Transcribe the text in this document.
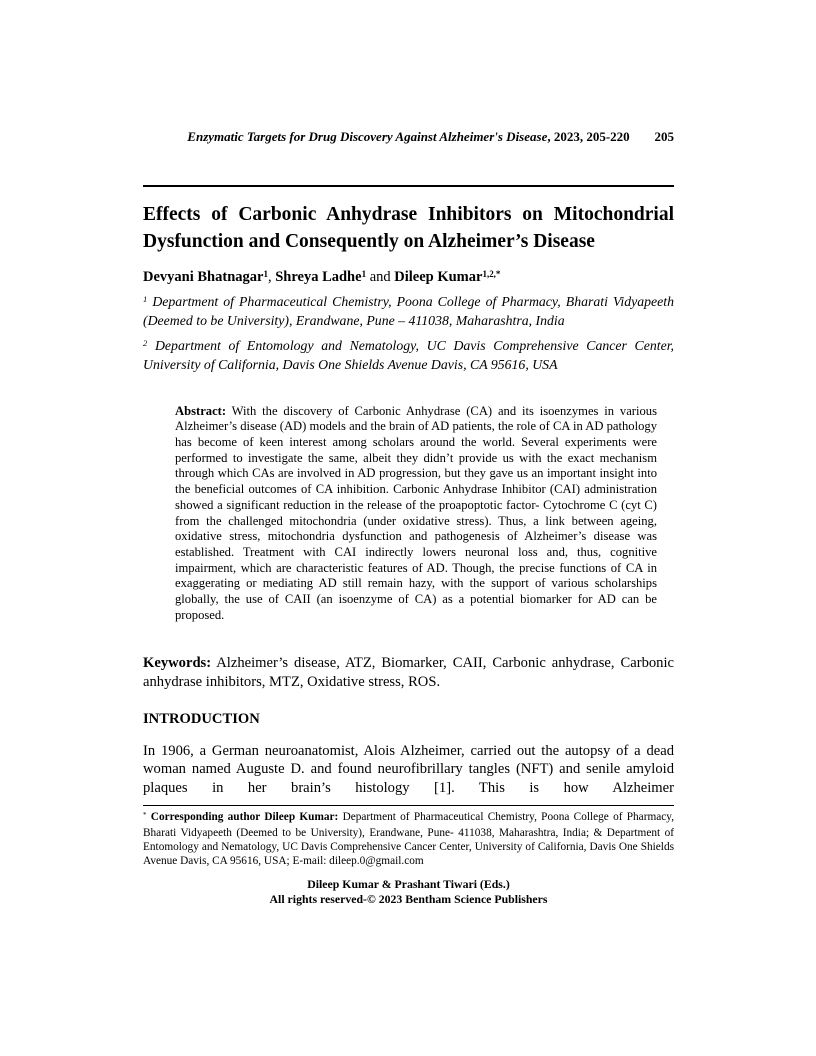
Enzymatic Targets for Drug Discovery Against Alzheimer's Disease, 2023, 205-220 205
CHAPTER 9
Effects of Carbonic Anhydrase Inhibitors on Mitochondrial Dysfunction and Consequently on Alzheimer’s Disease
Devyani Bhatnagar$^1$, Shreya Ladhe$^1$ and Dileep Kumar$^{1,2,*}$

$^1$ Department of Pharmaceutical Chemistry, Poona College of Pharmacy, Bharati Vidyapeeth (Deemed to be University), Erandwane, Pune – 411038, Maharashtra, India

$^2$ Department of Entomology and Nematology, UC Davis Comprehensive Cancer Center, University of California, Davis One Shields Avenue Davis, CA 95616, USA

Abstract: With the discovery of Carbonic Anhydrase (CA) and its isoenzymes in various Alzheimer’s disease (AD) models and the brain of AD patients, the role of CA in AD pathology has become of keen interest among scholars around the world. Several experiments were performed to investigate the same, albeit they didn’t provide us with the exact mechanism through which CAs are involved in AD progression, but they gave us an important insight into the beneficial outcomes of CA inhibition. Carbonic Anhydrase Inhibitor (CAI) administration showed a significant reduction in the release of the proapoptotic factor- Cytochrome C (cyt C) from the challenged mitochondria (under oxidative stress). Thus, a link between ageing, oxidative stress, mitochondria dysfunction and pathogenesis of Alzheimer’s disease was established. Treatment with CAI indirectly lowers neuronal loss and, thus, cognitive impairment, which are characteristic features of AD. Though, the precise functions of CA in exaggerating or mediating AD still remain hazy, with the support of various scholarships globally, the use of CAII (an isoenzyme of CA) as a potential biomarker for AD can be proposed.

Keywords: Alzheimer’s disease, ATZ, Biomarker, CAII, Carbonic anhydrase, Carbonic anhydrase inhibitors, MTZ, Oxidative stress, ROS.

INTRODUCTION

In 1906, a German neuroanatomist, Alois Alzheimer, carried out the autopsy of a dead woman named Auguste D. and found neurofibrillary tangles (NFT) and senile amyloid plaques in her brain’s histology [1]. This is how Alzheimer

* Corresponding author Dileep Kumar: Department of Pharmaceutical Chemistry, Poona College of Pharmacy, Bharati Vidyapeeth (Deemed to be University), Erandwane, Pune- 411038, Maharashtra, India; & Department of Entomology and Nematology, UC Davis Comprehensive Cancer Center, University of California, Davis One Shields Avenue Davis, CA 95616, USA; E-mail: dileep.0@gmail.com

Dileep Kumar & Prashant Tiwari (Eds.)
All rights reserved-© 2023 Bentham Science Publishers
